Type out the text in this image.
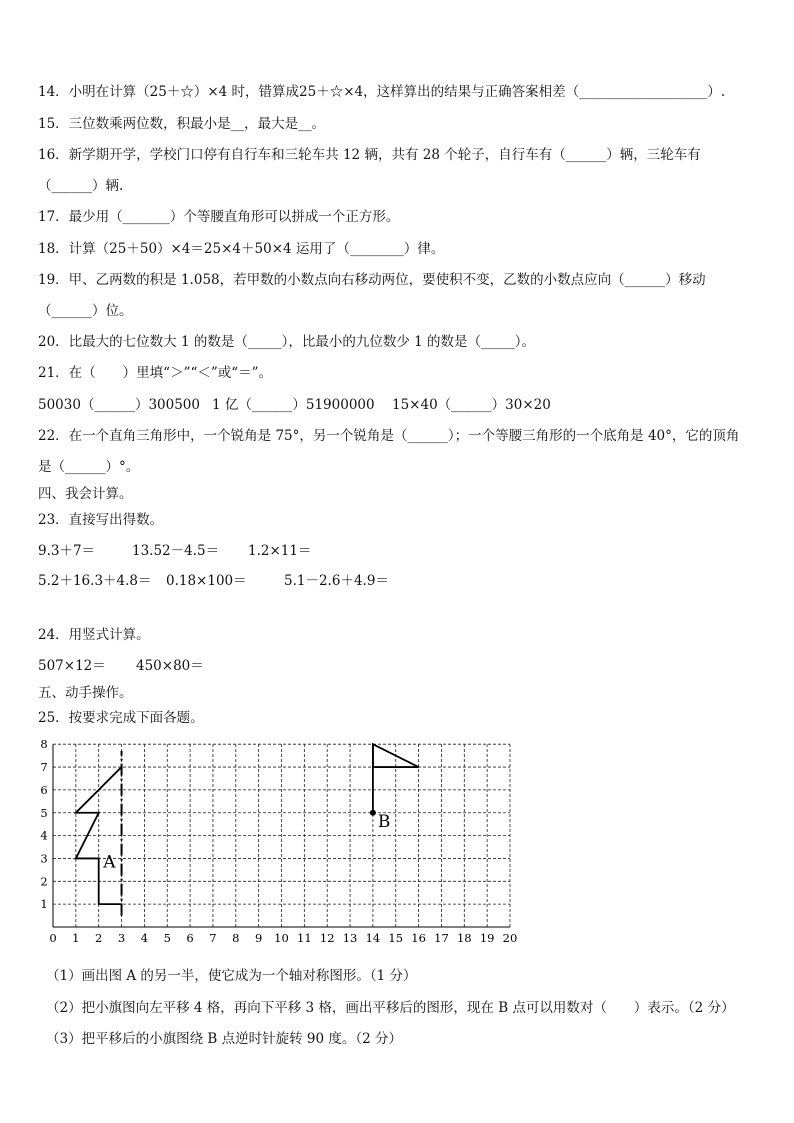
14．小明在计算（25＋☆）×4 时，错算成25＋☆×4，这样算出的结果与正确答案相差（___________________）.
15．三位数乘两位数，积最小是__，最大是__。
16．新学期开学，学校门口停有自行车和三轮车共 12 辆，共有 28 个轮子，自行车有（______）辆，三轮车有
（______）辆.
17．最少用（_______）个等腰直角形可以拼成一个正方形。
18．计算（25＋50）×4＝25×4＋50×4 运用了（________）律。
19．甲、乙两数的积是 1.058，若甲数的小数点向右移动两位，要使积不变，乙数的小数点应向（______）移动
（______）位。
20．比最大的七位数大 1 的数是（_____），比最小的九位数少 1 的数是（_____）。
21．在（　　）里填“＞”“＜”或“＝”。
50030（______）300500 1 亿（______）51900000 15×40（______）30×20
22．在一个直角三角形中，一个锐角是 75°，另一个锐角是（______）；一个等腰三角形的一个底角是 40°，它的顶角
是（______）°。
四、我会计算。
23．直接写出得数。
9.3＋7＝	13.52－4.5＝ 1.2×11＝
5.2＋16.3＋4.8＝ 0.18×100＝	5.1－2.6＋4.9＝
24．用竖式计算。
507×12＝ 450×80＝
五、动手操作。
25．按要求完成下面各题。
0 1 2 3 4 5 6 7 8 9 10 11 12 13 14 15 16 17 18 19 20
1
2
3
4
5
6
7
8
A
B
（1）画出图 A 的另一半，使它成为一个轴对称图形。（1 分）
（2）把小旗图向左平移 4 格，再向下平移 3 格，画出平移后的图形，现在 B 点可以用数对（　　）表示。（2 分）
（3）把平移后的小旗图绕 B 点逆时针旋转 90 度。（2 分）
